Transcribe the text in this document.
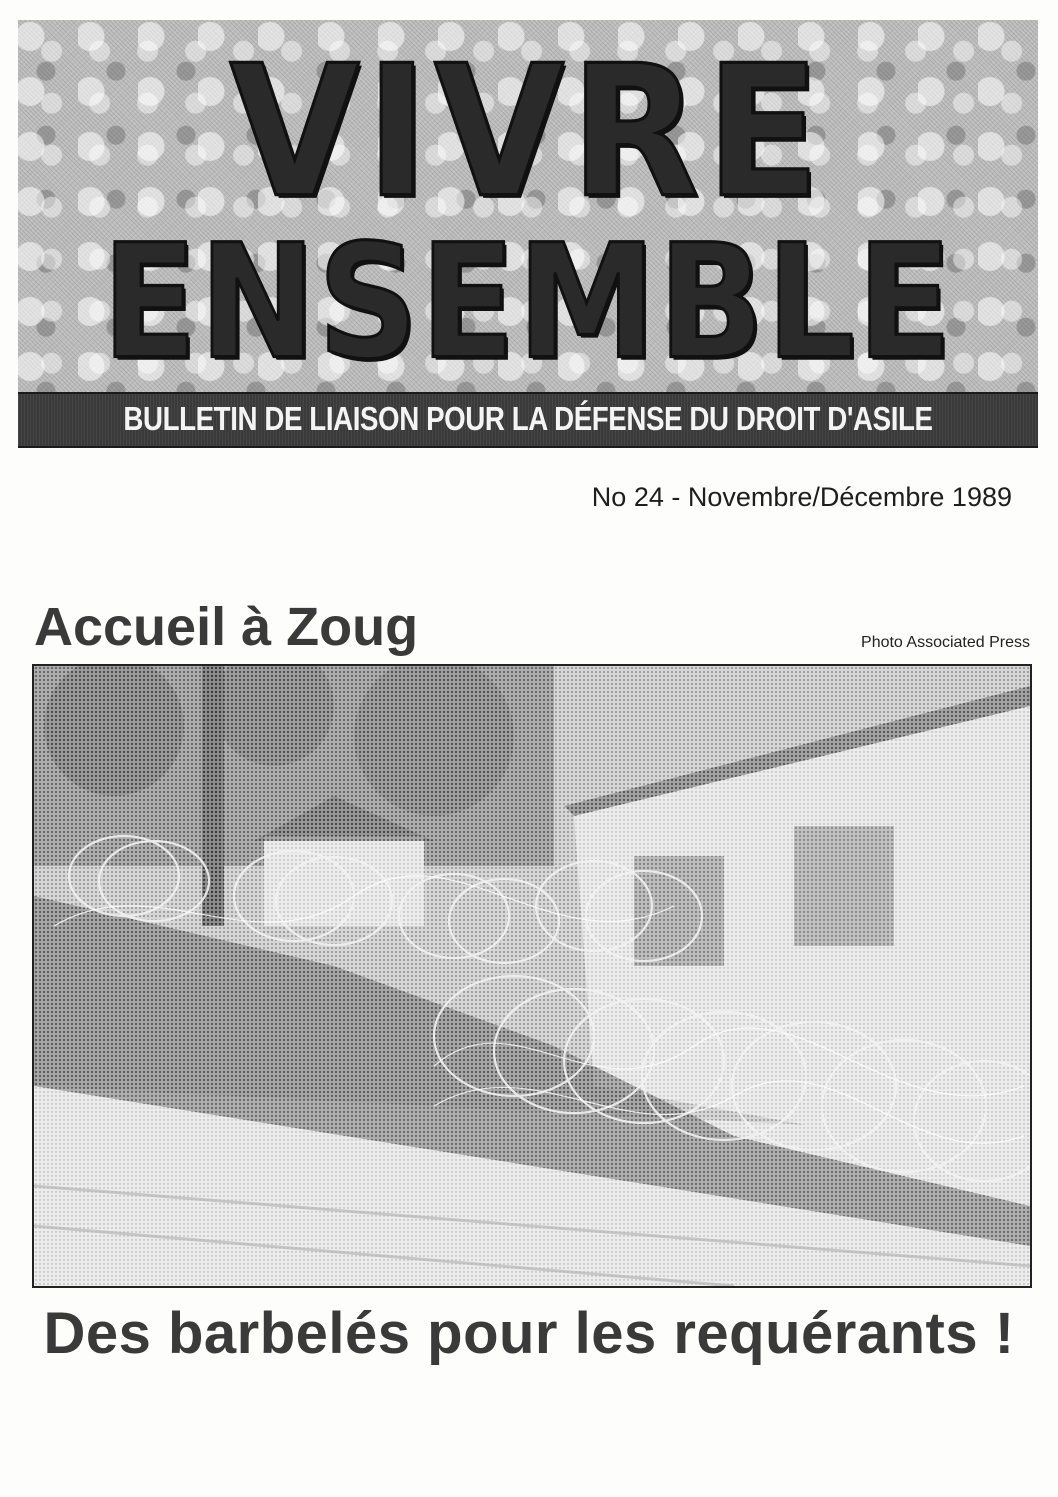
VIVRE
ENSEMBLE
BULLETIN DE LIAISON POUR LA DÉFENSE DU DROIT D'ASILE
No 24 - Novembre/Décembre 1989
Accueil à Zoug	Photo Associated Press
Des barbelés pour les requérants !
